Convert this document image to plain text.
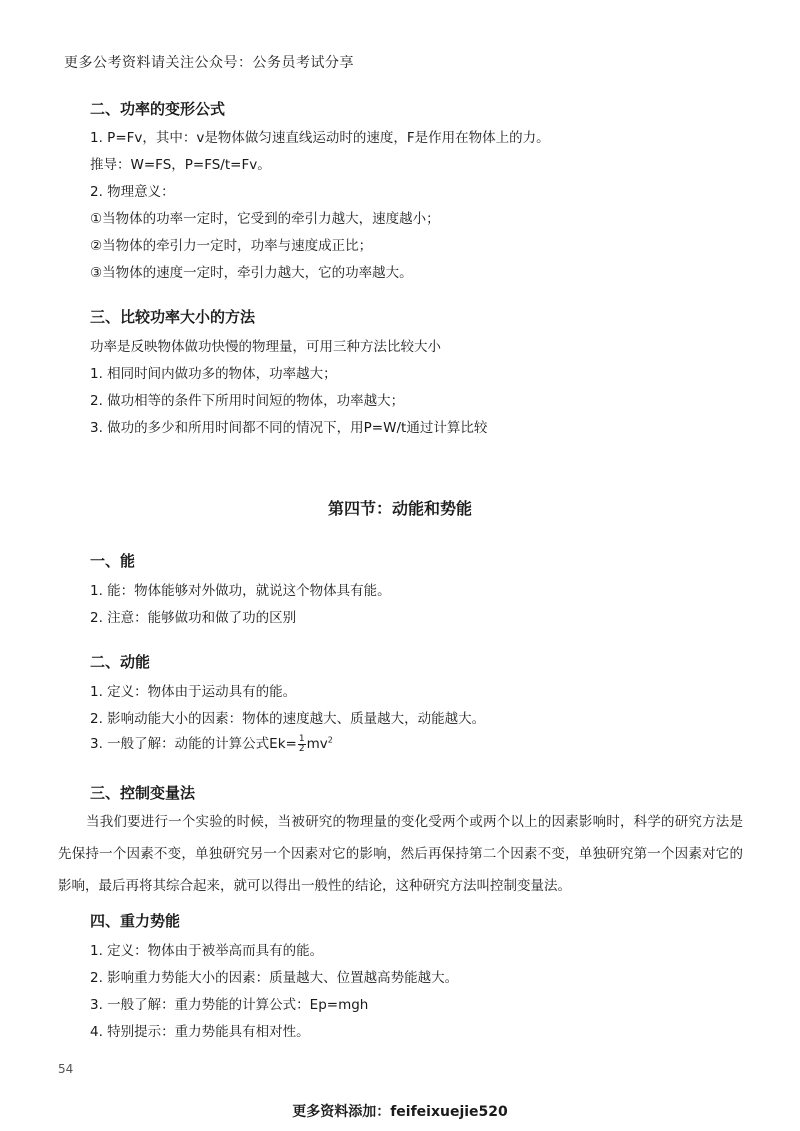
更多公考资料请关注公众号：公务员考试分享
二、功率的变形公式
1. P=Fv，其中：v是物体做匀速直线运动时的速度，F是作用在物体上的力。
推导：W=FS，P=FS/t=Fv。
2. 物理意义：
①当物体的功率一定时，它受到的牵引力越大，速度越小；
②当物体的牵引力一定时，功率与速度成正比；
③当物体的速度一定时，牵引力越大，它的功率越大。
三、比较功率大小的方法
功率是反映物体做功快慢的物理量，可用三种方法比较大小
1. 相同时间内做功多的物体，功率越大；
2. 做功相等的条件下所用时间短的物体，功率越大；
3. 做功的多少和所用时间都不同的情况下，用P=W/t通过计算比较
第四节：动能和势能
一、能
1. 能：物体能够对外做功，就说这个物体具有能。
2. 注意：能够做功和做了功的区别
二、动能
1. 定义：物体由于运动具有的能。
2. 影响动能大小的因素：物体的速度越大、质量越大，动能越大。
3. 一般了解：动能的计算公式$Ek= \frac{1}{2} mv^2$
三、控制变量法
当我们要进行一个实验的时候，当被研究的物理量的变化受两个或两个以上的因素影响时，科学的研究方法是先保持一个因素不变，单独研究另一个因素对它的影响，然后再保持第二个因素不变，单独研究第一个因素对它的影响，最后再将其综合起来，就可以得出一般性的结论，这种研究方法叫控制变量法。
四、重力势能
1. 定义：物体由于被举高而具有的能。
2. 影响重力势能大小的因素：质量越大、位置越高势能越大。
3. 一般了解：重力势能的计算公式：Ep=mgh
4. 特别提示：重力势能具有相对性。
54
更多资料添加：feifeixuejie520
